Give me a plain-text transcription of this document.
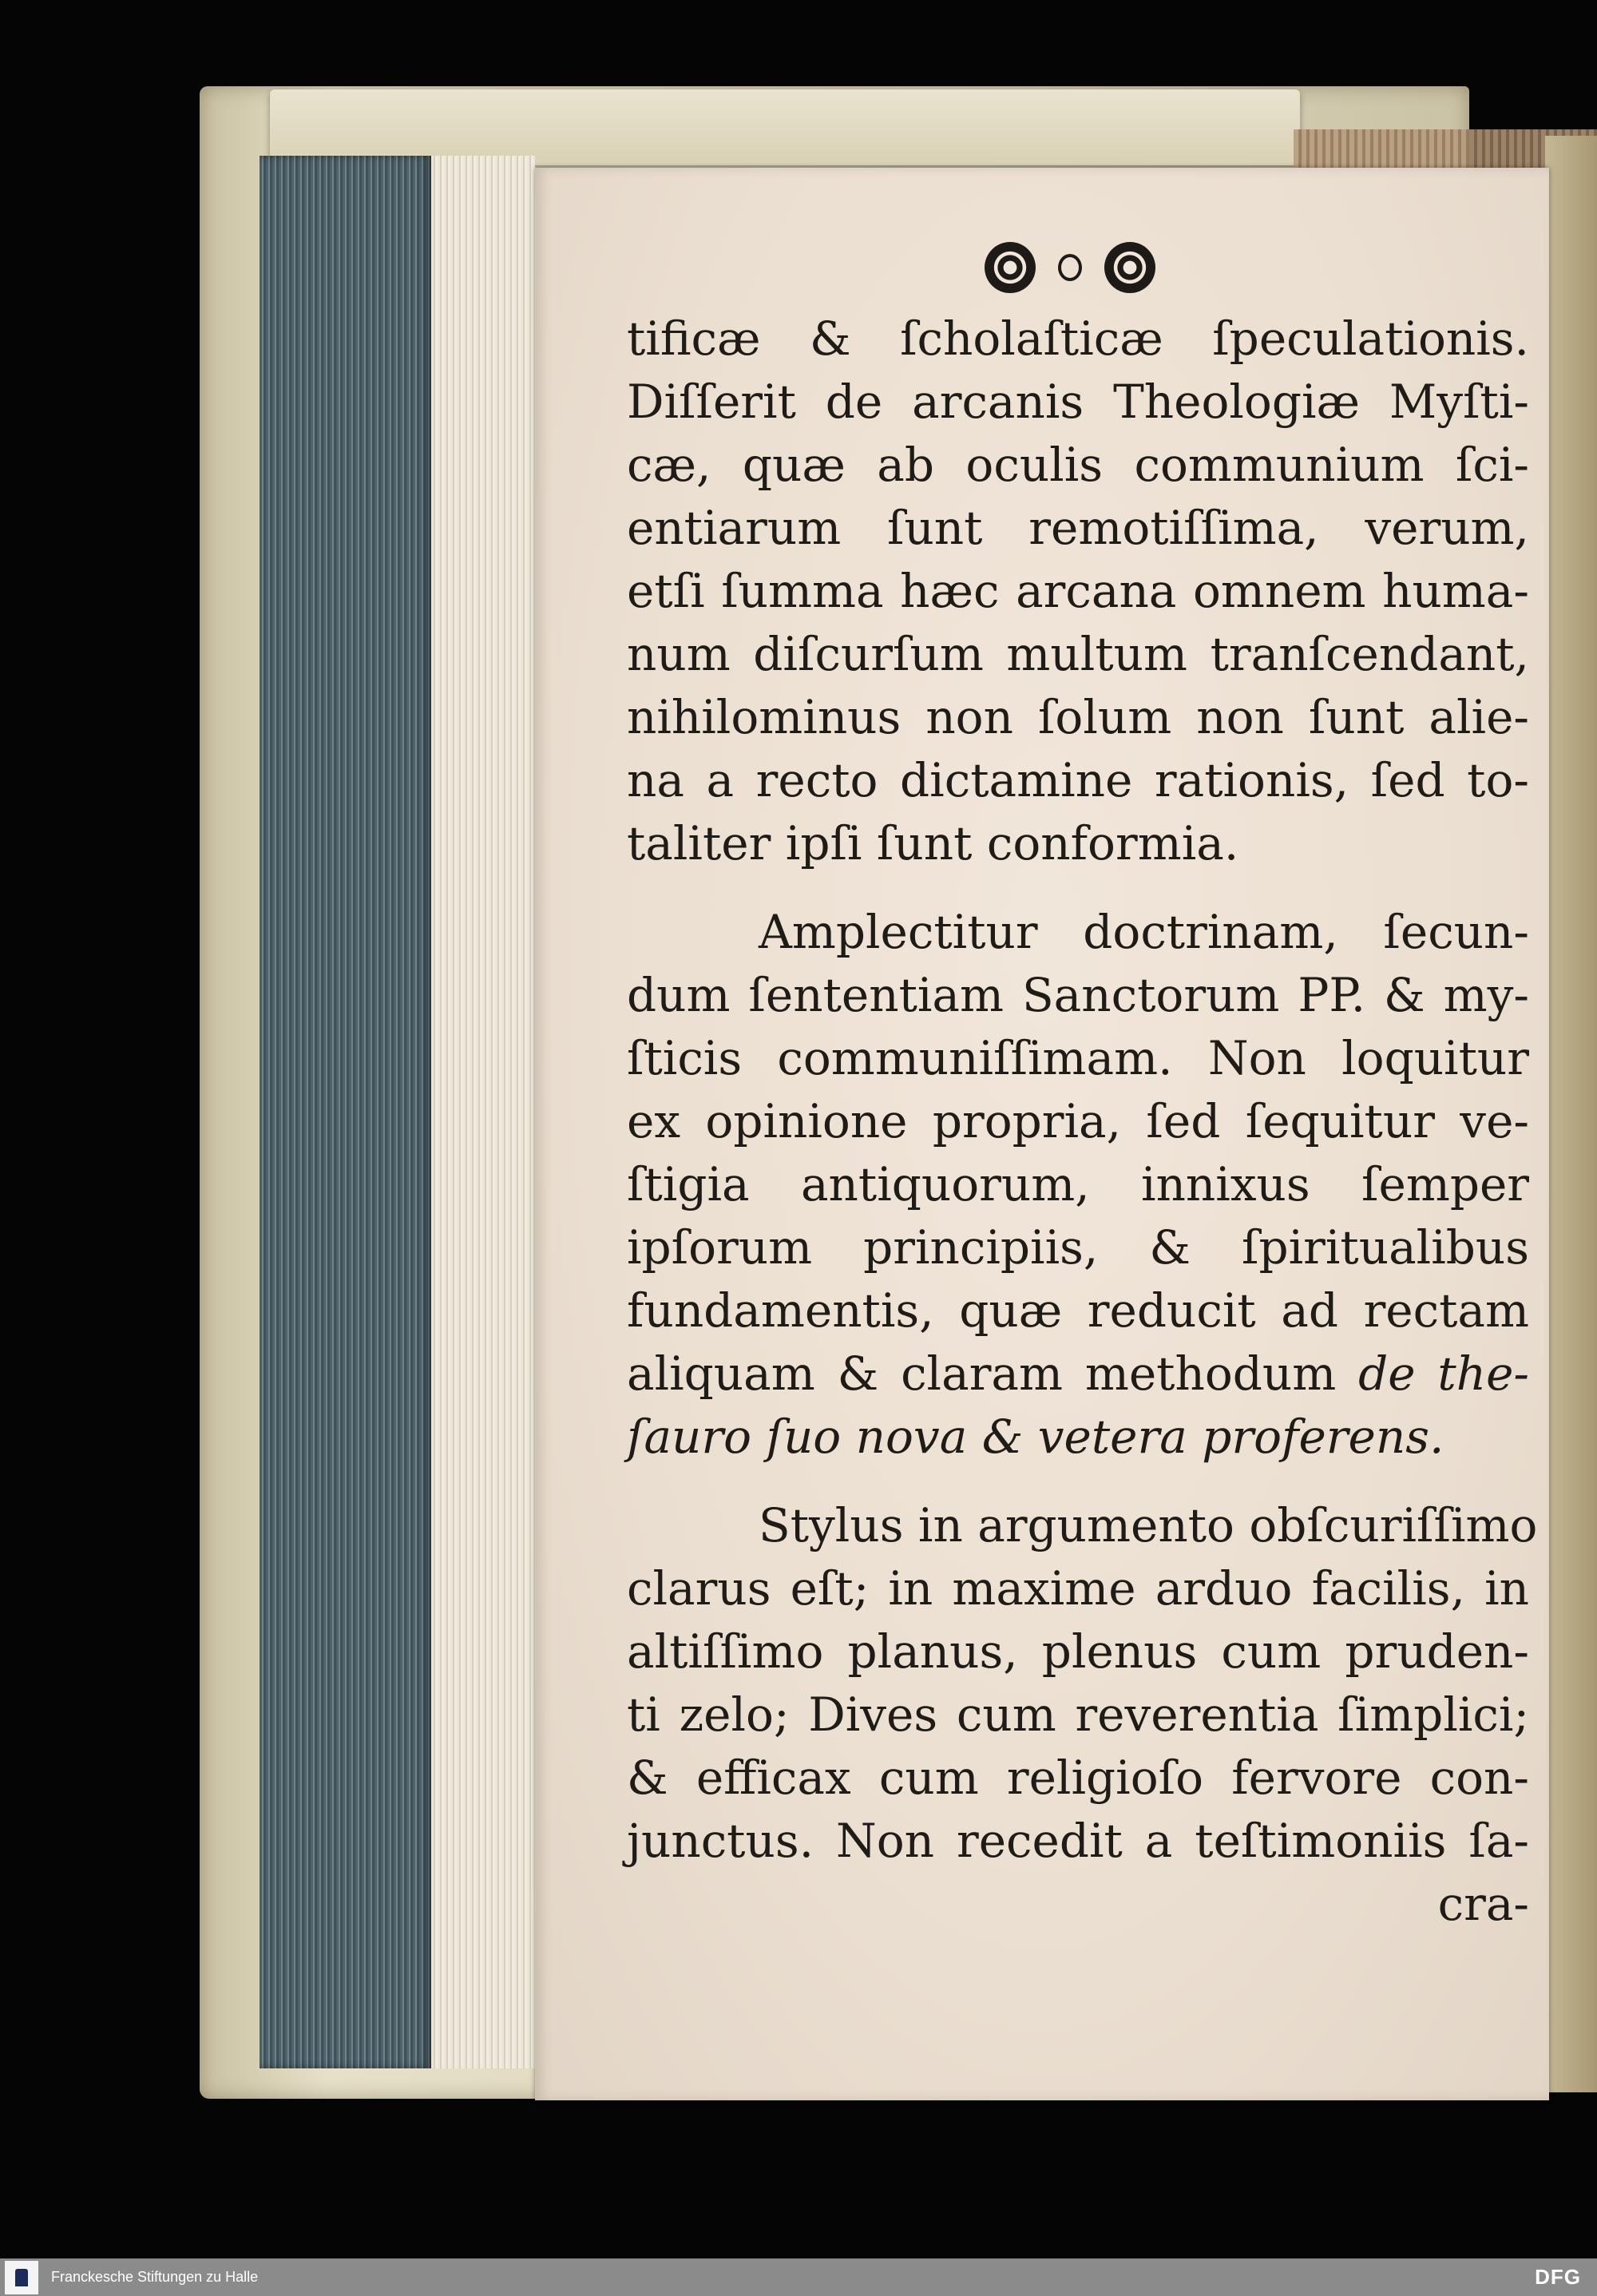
tificæ & ſcholaſticæ ſpeculationis.
Diſſerit de arcanis Theologiæ Myſti-
cæ, quæ ab oculis communium ſci-
entiarum ſunt remotiſſima, verum,
etſi ſumma hæc arcana omnem huma-
num diſcurſum multum tranſcendant,
nihilominus non ſolum non ſunt alie-
na a recto dictamine rationis, ſed to-
taliter ipſi ſunt conformia.
Amplectitur doctrinam, ſecun-
dum ſententiam Sanctorum PP. & my-
ſticis communiſſimam. Non loquitur
ex opinione propria, ſed ſequitur ve-
ſtigia antiquorum, innixus ſemper
ipſorum principiis, & ſpiritualibus
fundamentis, quæ reducit ad rectam
aliquam & claram methodum de the-
ſauro ſuo nova & vetera proferens.
Stylus in argumento obſcuriſſimo
clarus eſt; in maxime arduo facilis, in
altiſſimo planus, plenus cum pruden-
ti zelo; Dives cum reverentia ſimplici;
& efficax cum religioſo fervore con-
junctus. Non recedit a teſtimoniis ſa-
cra-
Franckesche Stiftungen zu Halle	DFG
